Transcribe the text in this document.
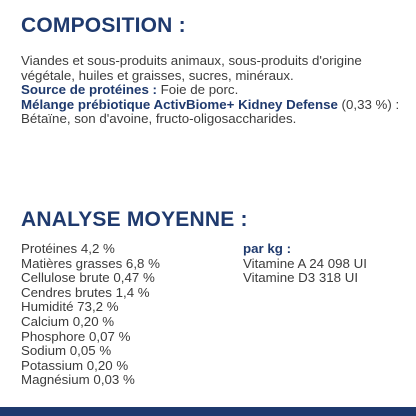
COMPOSITION :

Viandes et sous-produits animaux, sous-produits d'origine végétale, huiles et graisses, sucres, minéraux.

Source de protéines : Foie de porc.

Mélange prébiotique ActivBiome+ Kidney Defense (0,33 %) : Bétaïne, son d'avoine, fructo-oligosaccharides.

ANALYSE MOYENNE :
Protéines 4,2 %
Matières grasses 6,8 %
Cellulose brute 0,47 %
Cendres brutes 1,4 %
Humidité 73,2 %
Calcium 0,20 %
Phosphore 0,07 %
Sodium 0,05 %
Potassium 0,20 %
Magnésium 0,03 %
par kg :
Vitamine A 24 098 UI
Vitamine D3 318 UI
